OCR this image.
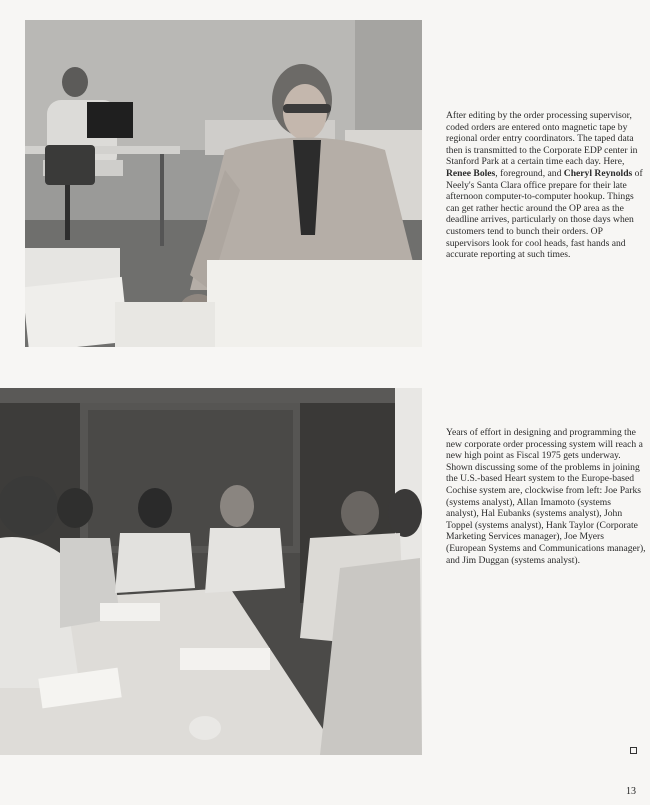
After editing by the order processing supervisor, coded orders are entered onto magnetic tape by regional order entry coordinators. The taped data then is transmitted to the Corporate EDP center in Stanford Park at a certain time each day. Here, Renee Boles, foreground, and Cheryl Reynolds of Neely's Santa Clara office prepare for their late afternoon computer-to-computer hookup. Things can get rather hectic around the OP area as the deadline arrives, particularly on those days when customers tend to bunch their orders. OP supervisors look for cool heads, fast hands and accurate reporting at such times.
Years of effort in designing and programming the new corporate order processing system will reach a new high point as Fiscal 1975 gets underway. Shown discussing some of the problems in joining the U.S.-based Heart system to the Europe-based Cochise system are, clockwise from left: Joe Parks (systems analyst), Allan Imamoto (systems analyst), Hal Eubanks (systems analyst), John Toppel (systems analyst), Hank Taylor (Corporate Marketing Services manager), Joe Myers (European Systems and Communications manager), and Jim Duggan (systems analyst).
13
